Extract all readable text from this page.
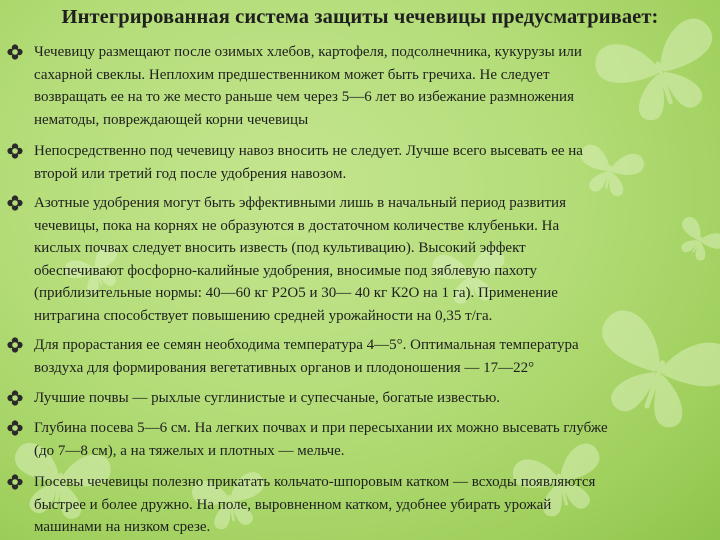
Интегрированная система защиты чечевицы предусматривает:
Чечевицу размещают после озимых хлебов, картофеля, подсолнечника, кукурузы или
сахарной свеклы. Неплохим предшественником может быть гречиха. Не следует
возвращать ее на то же место раньше чем через 5—6 лет во избежание размножения
нематоды, повреждающей корни чечевицы
Непосредственно под чечевицу навоз вносить не следует. Лучше всего высевать ее на
второй или третий год после удобрения навозом.
Азотные удобрения могут быть эффективными лишь в начальный период развития
чечевицы, пока на корнях не образуются в достаточном количестве клубеньки. На
кислых почвах следует вносить известь (под культивацию). Высокий эффект
обеспечивают фосфорно-калийные удобрения, вносимые под зяблевую пахоту
(приблизительные нормы: 40—60 кг Р2О5 и 30— 40 кг К2О на 1 га). Применение
нитрагина способствует повышению средней урожайности на 0,35 т/га.
Для прорастания ее семян необходима температура 4—5°. Оптимальная температура
воздуха для формирования вегетативных органов и плодоношения — 17—22°
Лучшие почвы — рыхлые суглинистые и супесчаные, богатые известью.
Глубина посева 5—6 см. На легких почвах и при пересыхании их можно высевать глубже
(до 7—8 см), а на тяжелых и плотных — мельче.
Посевы чечевицы полезно прикатать кольчато-шпоровым катком — всходы появляются
быстрее и более дружно. На поле, выровненном катком, удобнее убирать урожай
машинами на низком срезе.
